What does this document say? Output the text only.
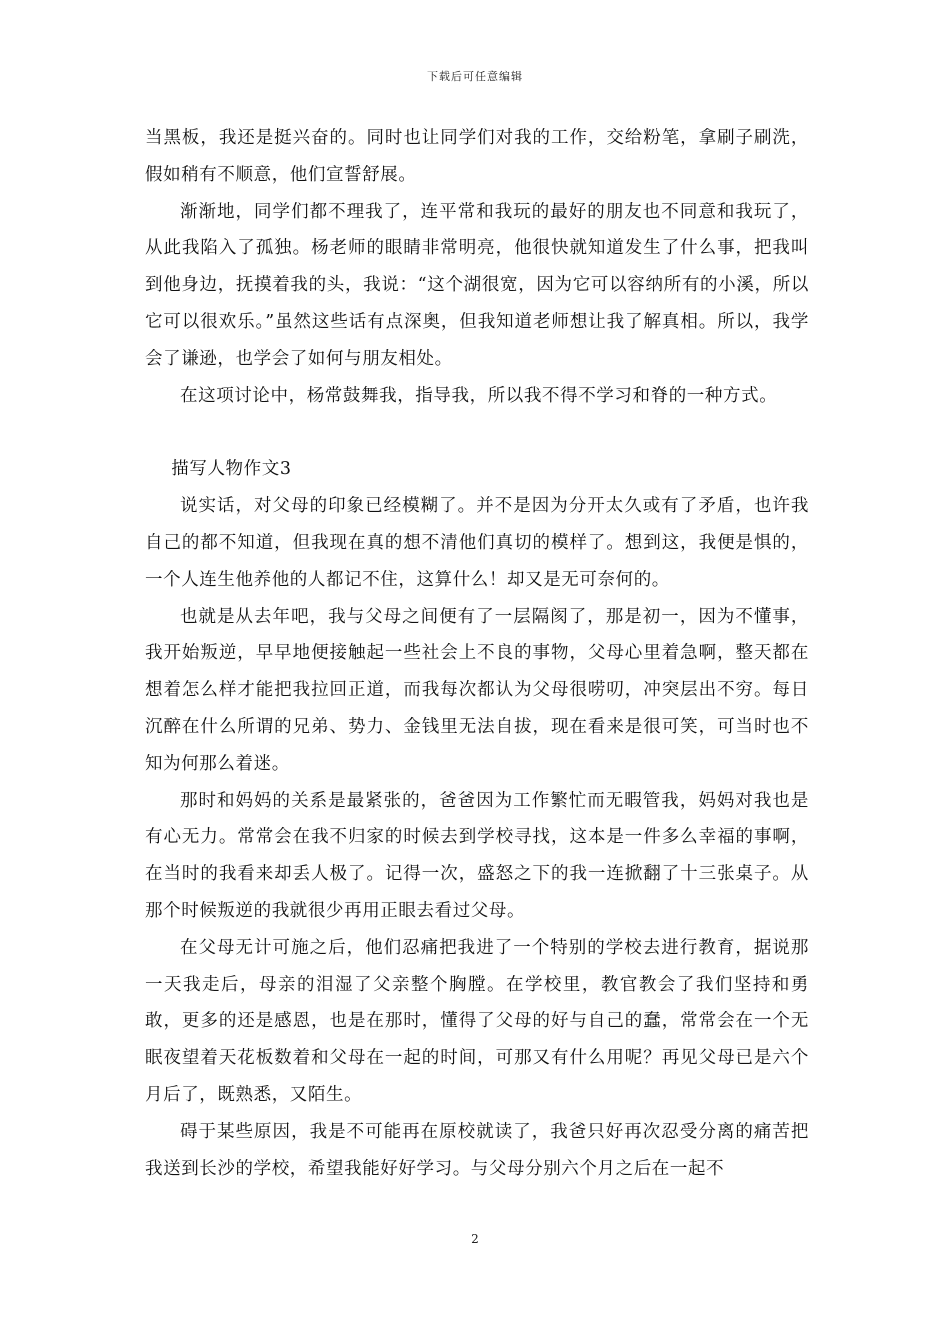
下载后可任意编辑

当黑板，我还是挺兴奋的。同时也让同学们对我的工作，交给粉笔，拿刷子刷洗，假如稍有不顺意，他们宣誓舒展。

渐渐地，同学们都不理我了，连平常和我玩的最好的朋友也不同意和我玩了，从此我陷入了孤独。杨老师的眼睛非常明亮，他很快就知道发生了什么事，把我叫到他身边，抚摸着我的头，我说：“这个湖很宽，因为它可以容纳所有的小溪，所以它可以很欢乐。”虽然这些话有点深奥，但我知道老师想让我了解真相。所以，我学会了谦逊，也学会了如何与朋友相处。

在这项讨论中，杨常鼓舞我，指导我，所以我不得不学习和脊的一种方式。

描写人物作文3

说实话，对父母的印象已经模糊了。并不是因为分开太久或有了矛盾，也许我自己的都不知道，但我现在真的想不清他们真切的模样了。想到这，我便是惧的，一个人连生他养他的人都记不住，这算什么！却又是无可奈何的。

也就是从去年吧，我与父母之间便有了一层隔阂了，那是初一，因为不懂事，我开始叛逆，早早地便接触起一些社会上不良的事物，父母心里着急啊，整天都在想着怎么样才能把我拉回正道，而我每次都认为父母很唠叨，冲突层出不穷。每日沉醉在什么所谓的兄弟、势力、金钱里无法自拔，现在看来是很可笑，可当时也不知为何那么着迷。

那时和妈妈的关系是最紧张的，爸爸因为工作繁忙而无暇管我，妈妈对我也是有心无力。常常会在我不归家的时候去到学校寻找，这本是一件多么幸福的事啊，在当时的我看来却丢人极了。记得一次，盛怒之下的我一连掀翻了十三张桌子。从那个时候叛逆的我就很少再用正眼去看过父母。

在父母无计可施之后，他们忍痛把我进了一个特别的学校去进行教育，据说那一天我走后，母亲的泪湿了父亲整个胸膛。在学校里，教官教会了我们坚持和勇敢，更多的还是感恩，也是在那时，懂得了父母的好与自己的蠢，常常会在一个无眠夜望着天花板数着和父母在一起的时间，可那又有什么用呢？再见父母已是六个月后了，既熟悉，又陌生。

碍于某些原因，我是不可能再在原校就读了，我爸只好再次忍受分离的痛苦把我送到长沙的学校，希望我能好好学习。与父母分别六个月之后在一起不

2
